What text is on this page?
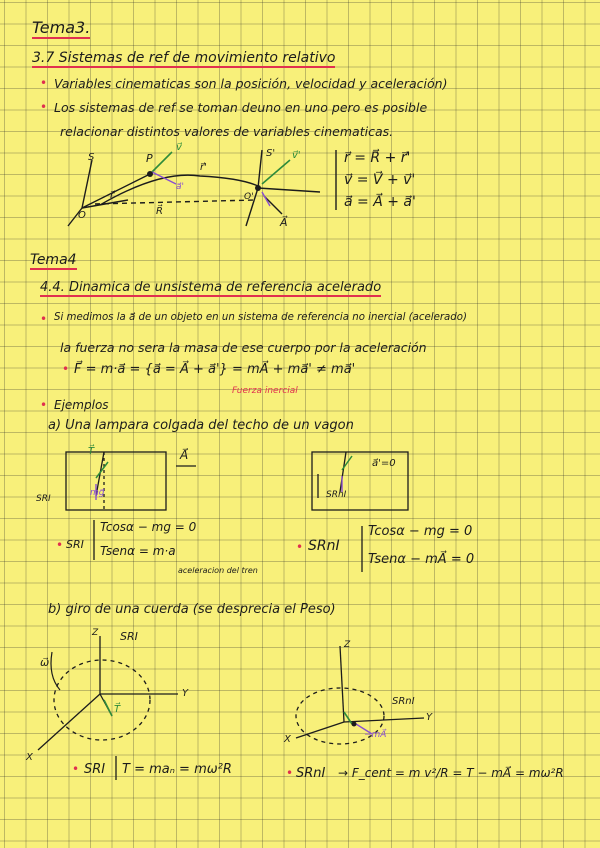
Tema3.
3.7 Sistemas de ref de movimiento relativo
• Variables cinematicas son la posición, velocidad y aceleración)
• Los sistemas de ref se toman deuno en uno pero es posible
relacionar distintos valores de variables cinematicas.
S	P
O
r⃗
r⃗'
R⃗
S'
O'
A⃗
v⃗
v⃗'
a⃗'
r⃗ = R⃗ + r⃗'
v⃗ = V⃗ + v⃗'
a⃗ = A⃗ + a⃗'
Tema4
4.4. Dinamica de unsistema de referencia acelerado
• Si medimos la a⃗ de un objeto en un sistema de referencia no inercial (acelerado)
la fuerza no sera la masa de ese cuerpo por la aceleración
• F⃗ = m·a⃗ = {a⃗ = A⃗ + a⃗'} = mA⃗ + ma⃗' ≠ ma⃗'
Fuerza inercial
• Ejemplos
a) Una lampara colgada del techo de un vagon
T⃗	A⃗
mg⃗
a⃗'=0
SRI	SRnI
• SRI
Tcosα − mg = 0
Tsenα = m·a
aceleracion del tren
• SRnI
Tcosα − mg = 0
Tsenα − mA⃗ = 0
b) giro de una cuerda (se desprecia el Peso)
SRI
Z
Y
X
ω⃗
T⃗
Z
SRnI
Y
X	−mA⃗
• SRI T = maₙ = mω²R	• SRnI → F_cent = m v²/R = T − mA⃗ = mω²R
